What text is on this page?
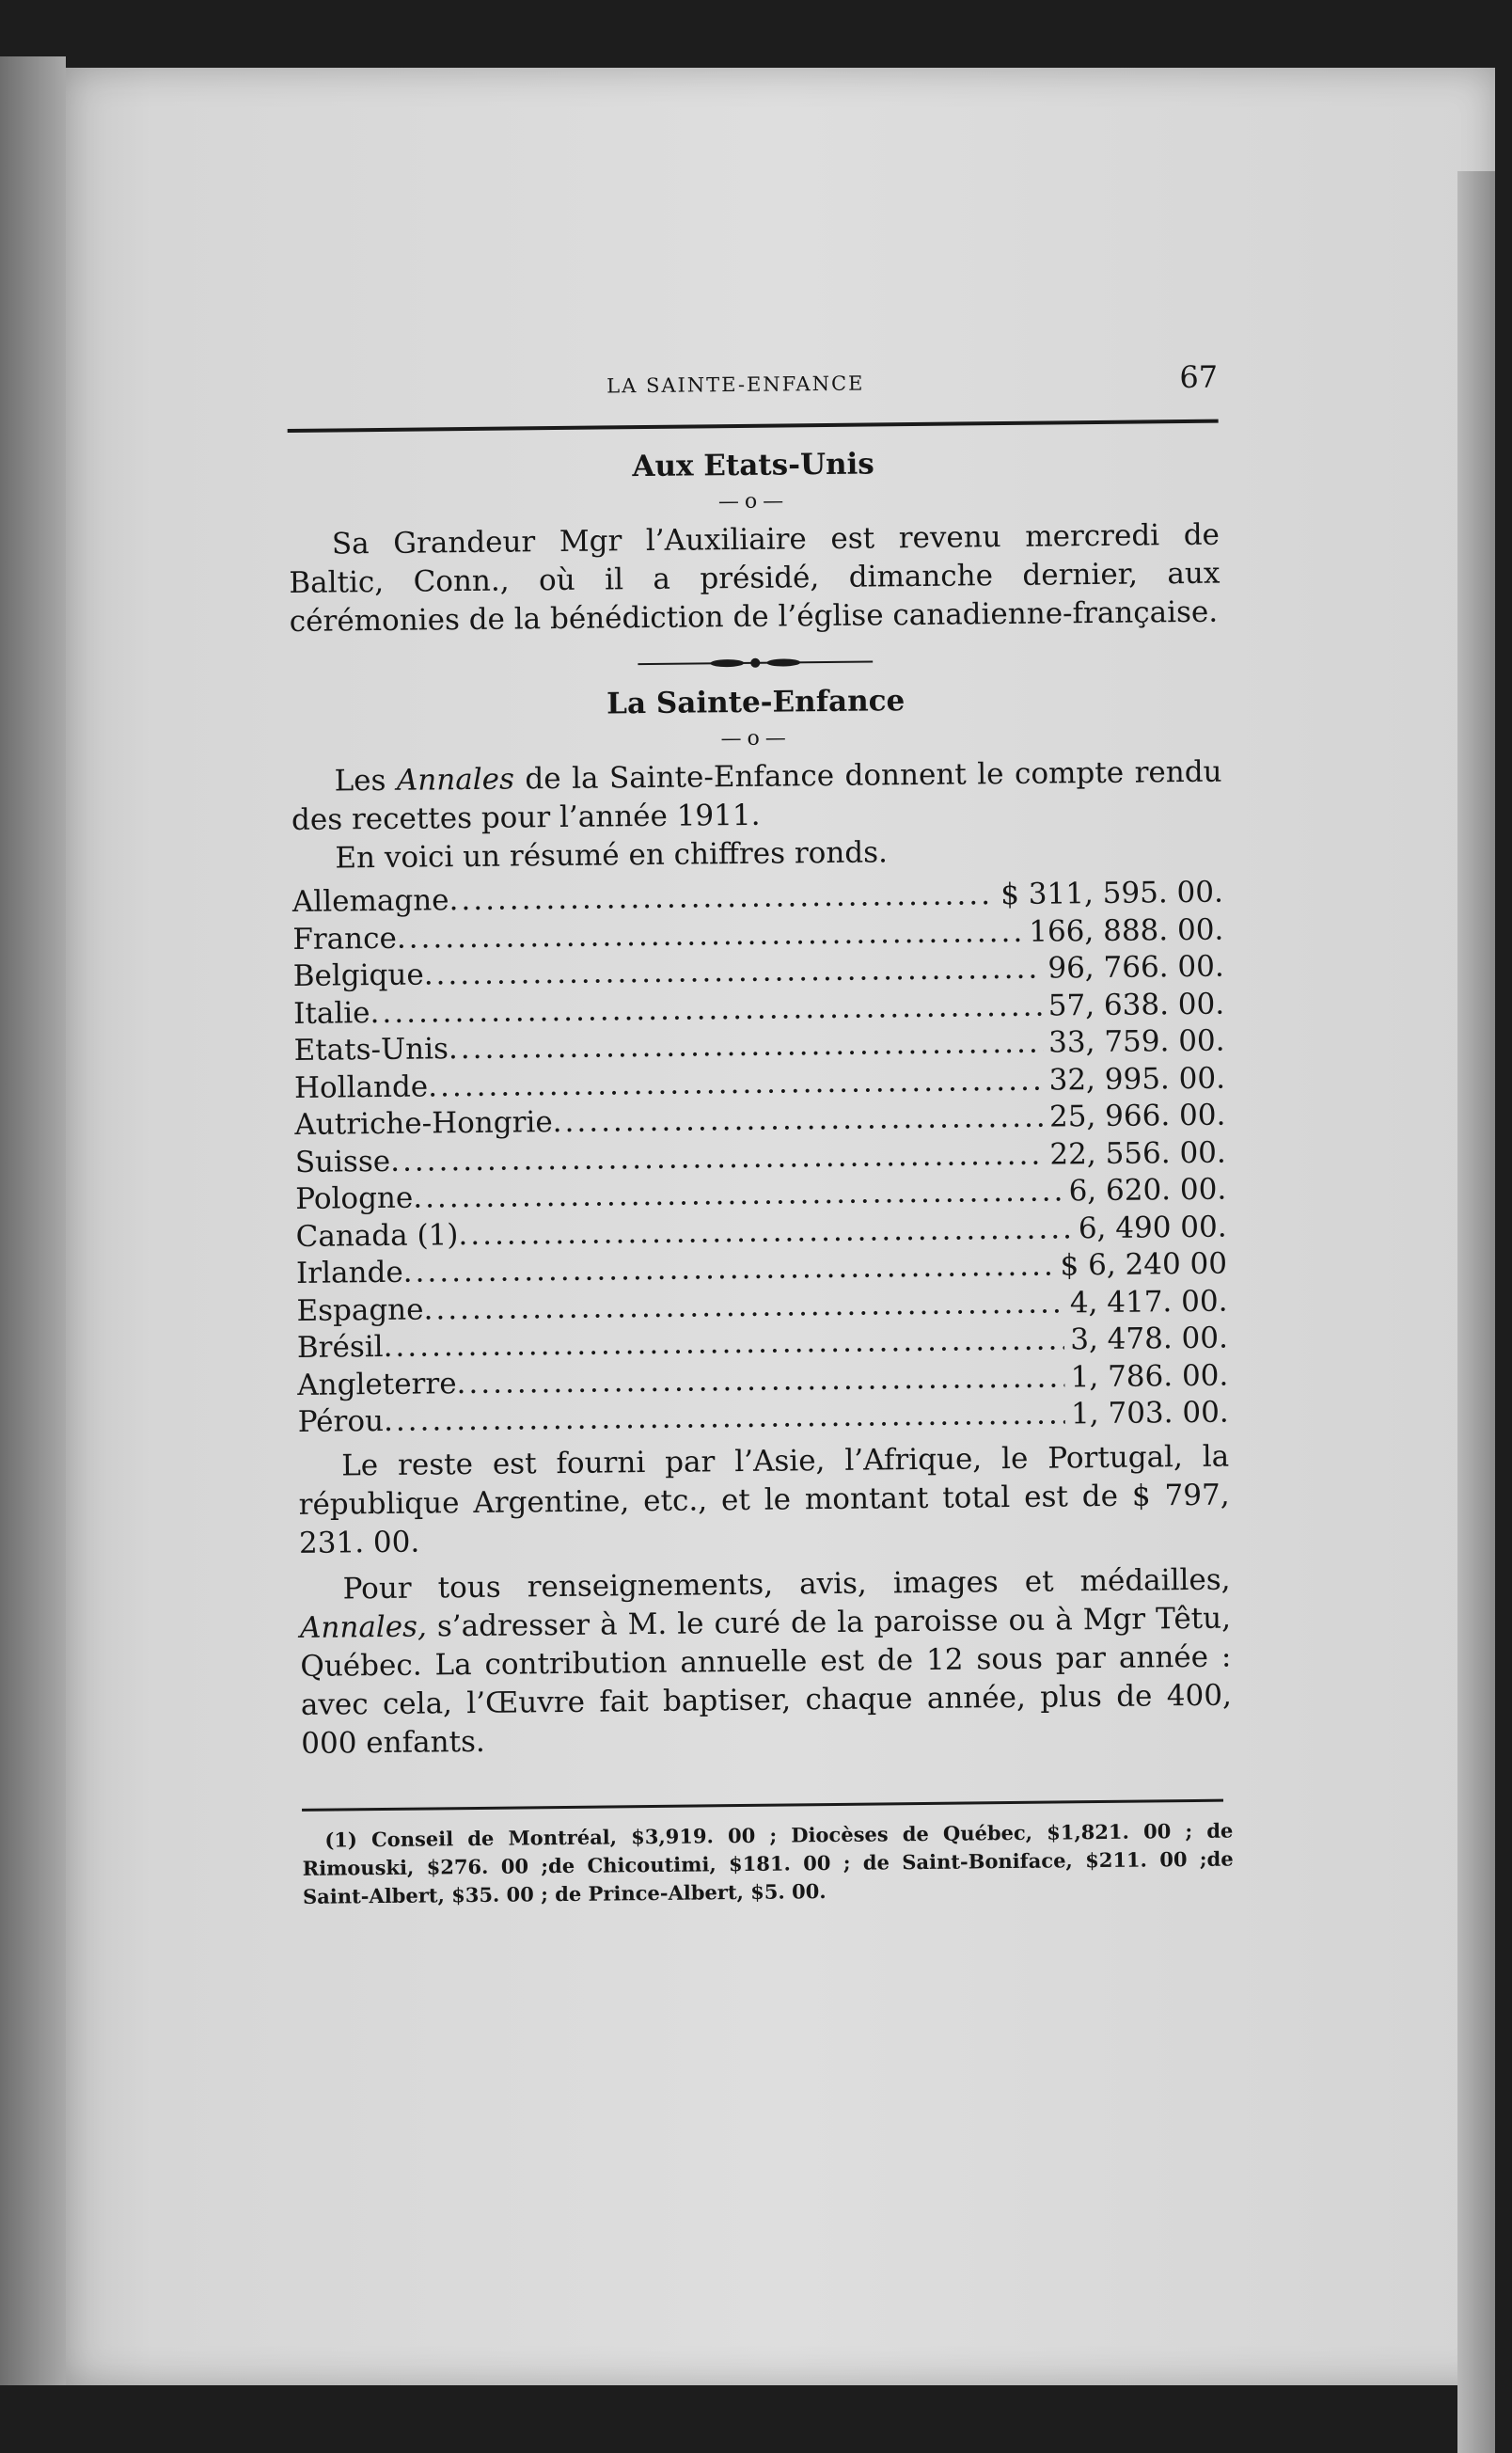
LA SAINTE-ENFANCE	67
Aux Etats-Unis
—o—

Sa Grandeur Mgr l’Auxiliaire est revenu mercredi de Baltic, Conn., où il a présidé, dimanche dernier, aux cérémonies de la bénédiction de l’église canadienne-française.

La Sainte-Enfance
—o—

Les Annales de la Sainte-Enfance donnent le compte rendu des recettes pour l’année 1911.

En voici un résumé en chiffres ronds.

Allemagne .....	$ 311, 595. 00.
France .....	166, 888. 00.
Belgique .....	96, 766. 00.
Italie .....	57, 638. 00.
Etats-Unis .....	33, 759. 00.
Hollande .....	32, 995. 00.
Autriche-Hongrie .....	25, 966. 00.
Suisse .....	22, 556. 00.
Pologne .....	6, 620. 00.
Canada (1) .....	6, 490 00.
Irlande .....	$ 6, 240 00
Espagne .....	4, 417. 00.
Brésil .....	3, 478. 00.
Angleterre .....	1, 786. 00.
Pérou .....	1, 703. 00.

Le reste est fourni par l’Asie, l’Afrique, le Portugal, la république Argentine, etc., et le montant total est de $ 797, 231. 00.

Pour tous renseignements, avis, images et médailles, Annales, s’adresser à M. le curé de la paroisse ou à Mgr Têtu, Québec. La contribution annuelle est de 12 sous par année : avec cela, l’Œuvre fait baptiser, chaque année, plus de 400, 000 enfants.

(1) Conseil de Montréal, $3,919. 00 ; Diocèses de Québec, $1,821. 00 ; de Rimouski, $276. 00 ;de Chicoutimi, $181. 00 ; de Saint-Boniface, $211. 00 ;de Saint-Albert, $35. 00 ; de Prince-Albert, $5. 00.
